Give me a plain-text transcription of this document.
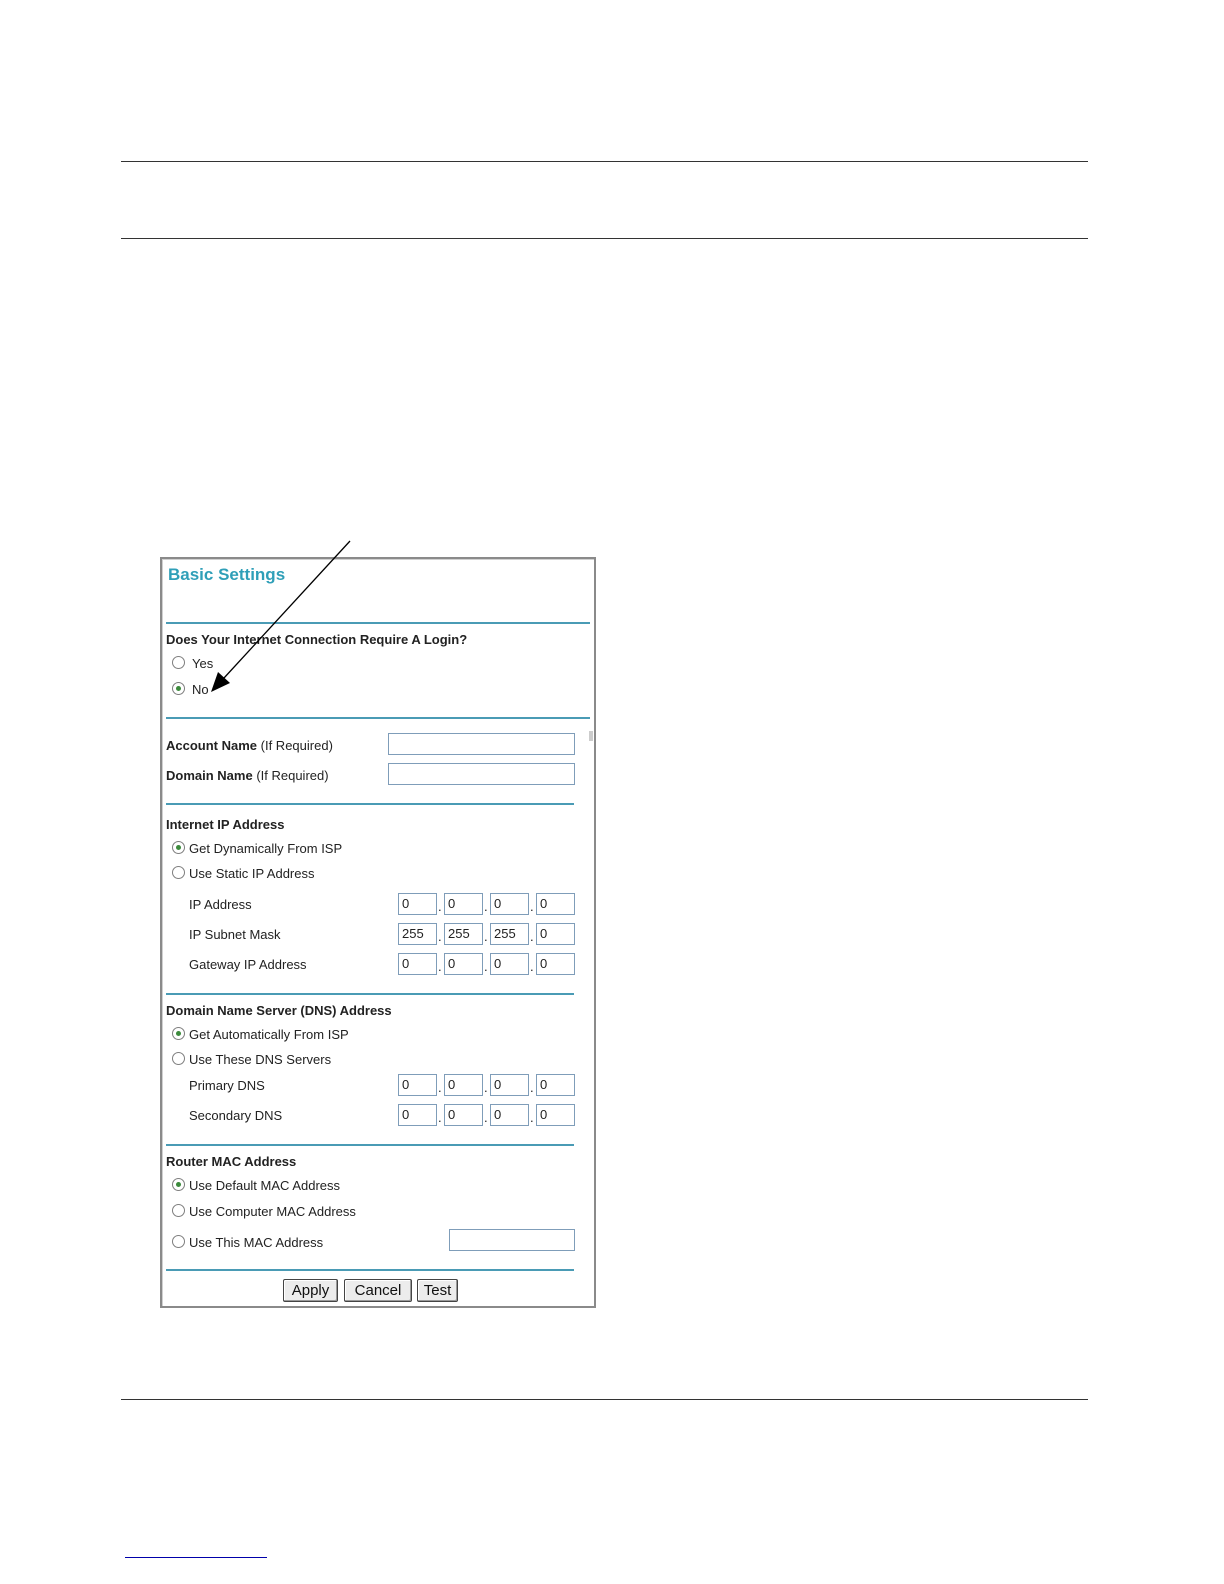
Basic Settings
Does Your Internet Connection Require A Login?
Yes
No
Account Name (If Required)
Domain Name (If Required)
Internet IP Address
Get Dynamically From ISP
Use Static IP Address
IP Address	0	. 0	. 0	. 0
IP Subnet Mask	255	. 255	. 255	. 0
Gateway IP Address	0	. 0	. 0	. 0
Domain Name Server (DNS) Address
Get Automatically From ISP
Use These DNS Servers
Primary DNS	0	. 0	. 0	. 0
Secondary DNS	0	. 0	. 0	. 0
Router MAC Address
Use Default MAC Address
Use Computer MAC Address
Use This MAC Address
Apply	Cancel	Test
